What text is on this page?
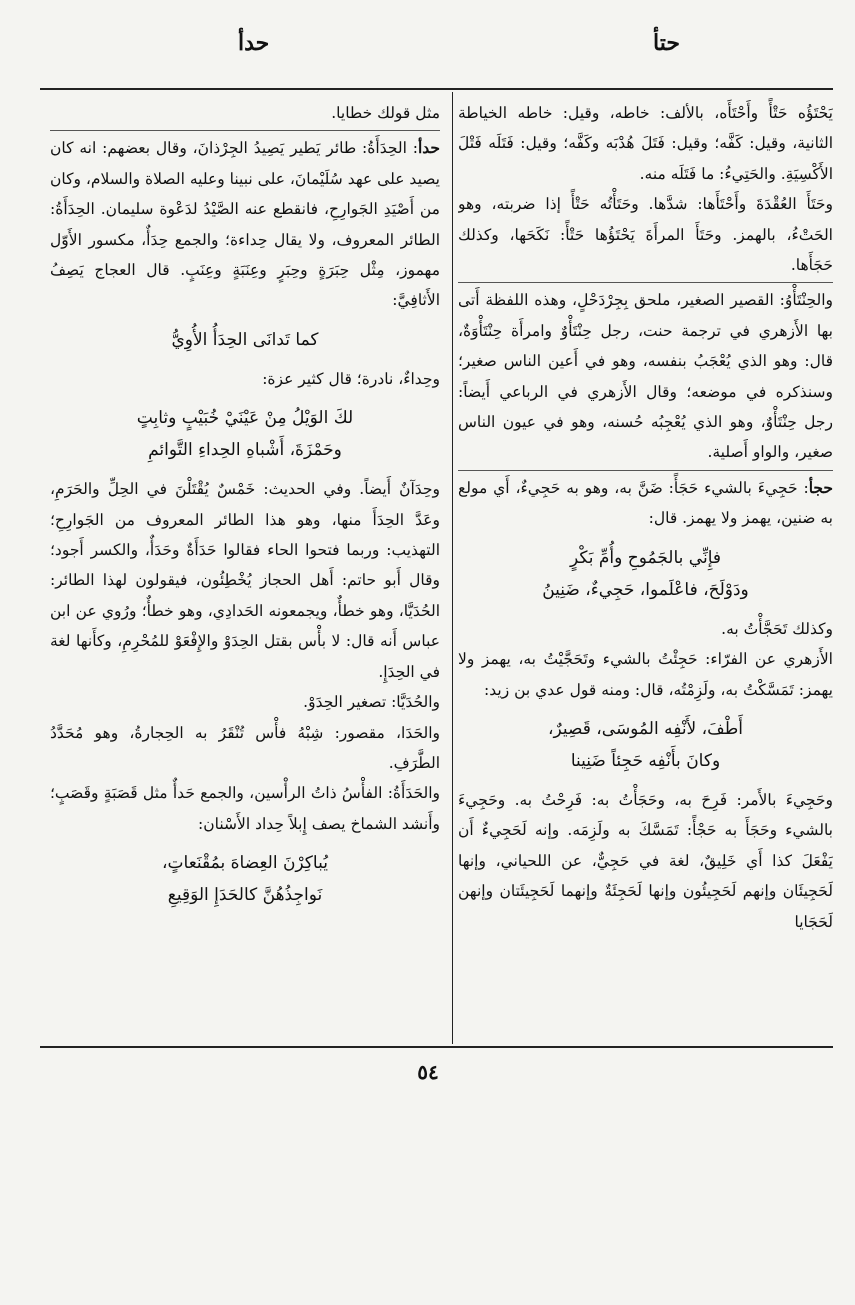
حتأ
حدأ

يَحْتَؤُه حَتْأً وأَحْتَأَه، بالألف: خاطه، وقيل: خاطه الخياطة الثانية، وقيل: كَفَّه؛ وقيل: فَتَلَ هُدْبَه وكَفَّه؛ وقيل: فَتَلَه فَتْلَ الأَكْسِيَةِ. والحَتِيءُ: ما فَتَلَه منه.

وحَتَأَ العُقْدَةَ وأَحْتَأَها: شدَّها. وحَتَأْتُه حَتْأً إذا ضربته، وهو الحَتْءُ، بالهمز. وحَتَأَ المرأَةَ يَحْتَؤُها حَتْأً: نَكَحَها، وكذلك حَجَأَها.

والحِنْتَأْوُ: القصير الصغير، ملحق بِجِرْدَحْلٍ، وهذه اللفظة أَتى بها الأَزهري في ترجمة حنت، رجل حِنْتَأْوٌ وامرأَة حِنْتَأْوَةٌ، قال: وهو الذي يُعْجَبُ بنفسه، وهو في أَعين الناس صغير؛ وسنذكره في موضعه؛ وقال الأَزهري في الرباعي أَيضاً: رجل حِنْتَأْوٌ، وهو الذي يُعْجِبُه حُسنه، وهو في عيون الناس صغير، والواو أَصلية.

حجأ: حَجِيءَ بالشيء حَجَأً: ضَنَّ به، وهو به حَجِيءٌ، أَي مولع به ضنين، يهمز ولا يهمز. قال:

فإِنِّي بالجَمُوحِ وأُمِّ بَكْرٍ
ودَوْلَحَ، فاعْلَموا، حَجِيءٌ، ضَنِينُ

وكذلك تَحَجَّأْتُ به.

الأَزهري عن الفرّاء: حَجِئْتُ بالشيء وتَحَجَّيْتُ به، يهمز ولا يهمز: تَمَسَّكْتُ به، ولَزِمْتُه، قال: ومنه قول عدي بن زيد:

أَطْفَ، لأَنْفِه المُوسَى، قَصِيرٌ،
وكانَ بأَنْفِه حَجِئاً ضَنِينا

وحَجِيءَ بالأَمر: فَرِحَ به، وحَجَأْتُ به: فَرِحْتُ به. وحَجِيءَ بالشيء وحَجَأَ به حَجْأً: تَمَسَّكَ به ولَزِمَه. وإنه لَحَجِيءٌ أَن يَفْعَلَ كذا أَي خَلِيقٌ، لغة في حَجِيٌّ، عن اللحياني، وإنها لَحَجِيئَان وإنهم لَحَجِيئُون وإنها لَحَجِئَةٌ وإنهما لَحَجِيئَتان وإنهن لَحَجَايا

مثل قولك خطايا.

حدأ: الحِدَأَةُ: طائر يَطير يَصِيدُ الجِرْذانَ، وقال بعضهم: انه كان يصيد على عهد سُلَيْمانَ، على نبينا وعليه الصلاة والسلام، وكان من أَصْيَدِ الجَوارِحِ، فانقطع عنه الصَّيْدُ لدَعْوة سليمان. الحِدَأَةُ: الطائر المعروف، ولا يقال حِداءة؛ والجمع حِدَأٌ، مكسور الأَوّل مهموز، مِثْل حِبَرَةٍ وحِبَرٍ وعِنَبَةٍ وعِنَبٍ. قال العجاج يَصِفُ الأَثافِيَّ:

كما تَدانَى الحِدَأُ الأُوِيُّ

وحِداءٌ، نادرة؛ قال كثير عزة:

لكَ الوَيْلُ مِنْ عَيْنَيْ خُبَيْبٍ وثابِتٍ
وحَمْزَةَ، أَشْباهِ الحِداءِ التَّوائمِ

وحِدَآنٌ أَيضاً. وفي الحديث: خَمْسٌ يُقْتَلْنَ في الحِلِّ والحَرَمِ، وعَدَّ الحِدَأَ منها، وهو هذا الطائر المعروف من الجَوارِحِ؛ التهذيب: وربما فتحوا الحاء فقالوا حَدَأَةٌ وحَدَأٌ، والكسر أَجود؛ وقال أَبو حاتم: أَهل الحجاز يُخْطِئُون، فيقولون لهذا الطائر: الحُدَيَّا، وهو خطأٌ، ويجمعونه الحَدادِي، وهو خطأٌ؛ ورُوي عن ابن عباس أَنه قال: لا بأْس بقتل الحِدَوْ والإِفْعَوْ للمُحْرِمِ، وكأَنها لغة في الحِدَإِ.

والحُدَيَّا: تصغير الحِدَوْ.

والحَدَا، مقصور: شِبْهُ فأْس تُنْقَرُ به الحِجارةُ، وهو مُحَدَّدُ الطَّرَفِ.

والحَدَأَةُ: الفأْسُ ذاتُ الرأْسين، والجمع حَدأٌ مثل قَصَبَةٍ وقَصَبٍ؛ وأَنشد الشماخ يصف إِبلاً حِداد الأَسْنان:

يُباكِرْنَ العِضاهَ بمُقْنَعاتٍ،
نَواجِذُهُنَّ كالحَدَإِ الوَقِيعِ
٥٤
